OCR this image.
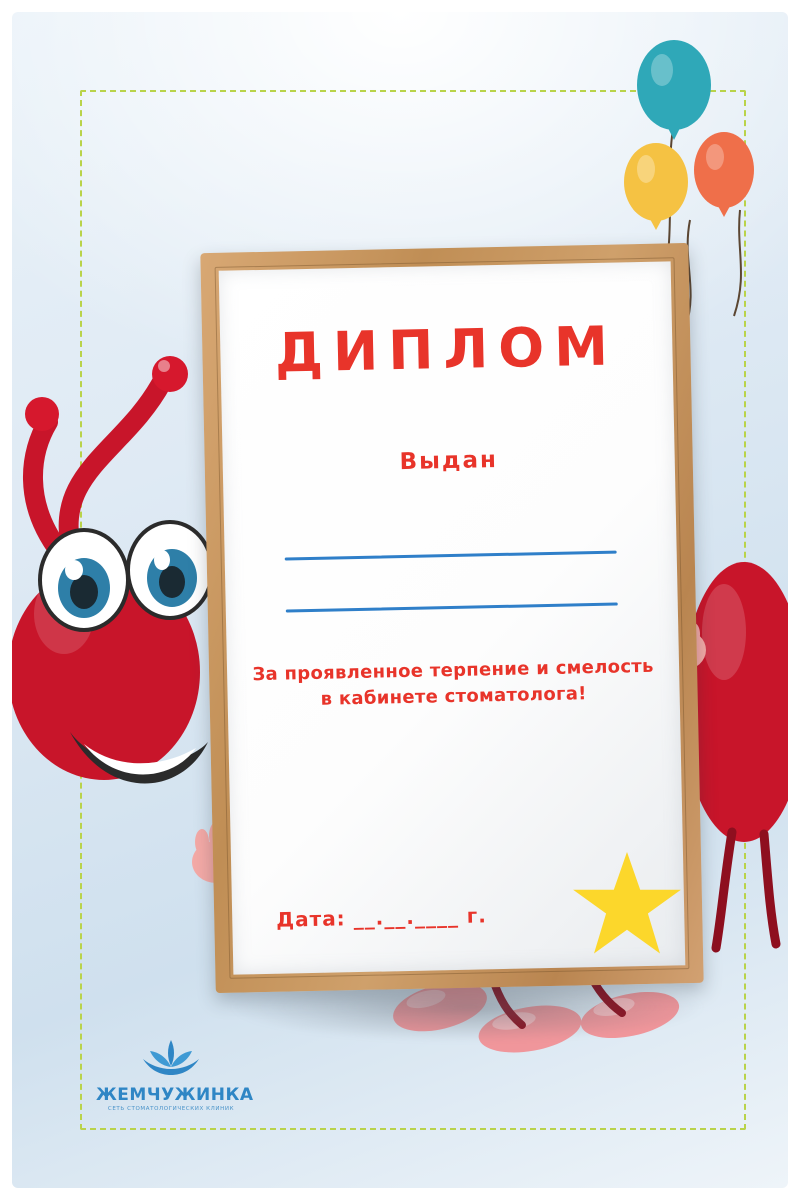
ДИПЛОМ
Выдан
За проявленное терпение и смелость
в кабинете стоматолога!
Дата: __.__.____ г.
ЖЕМЧУЖИНКА
СЕТЬ СТОМАТОЛОГИЧЕСКИХ КЛИНИК
